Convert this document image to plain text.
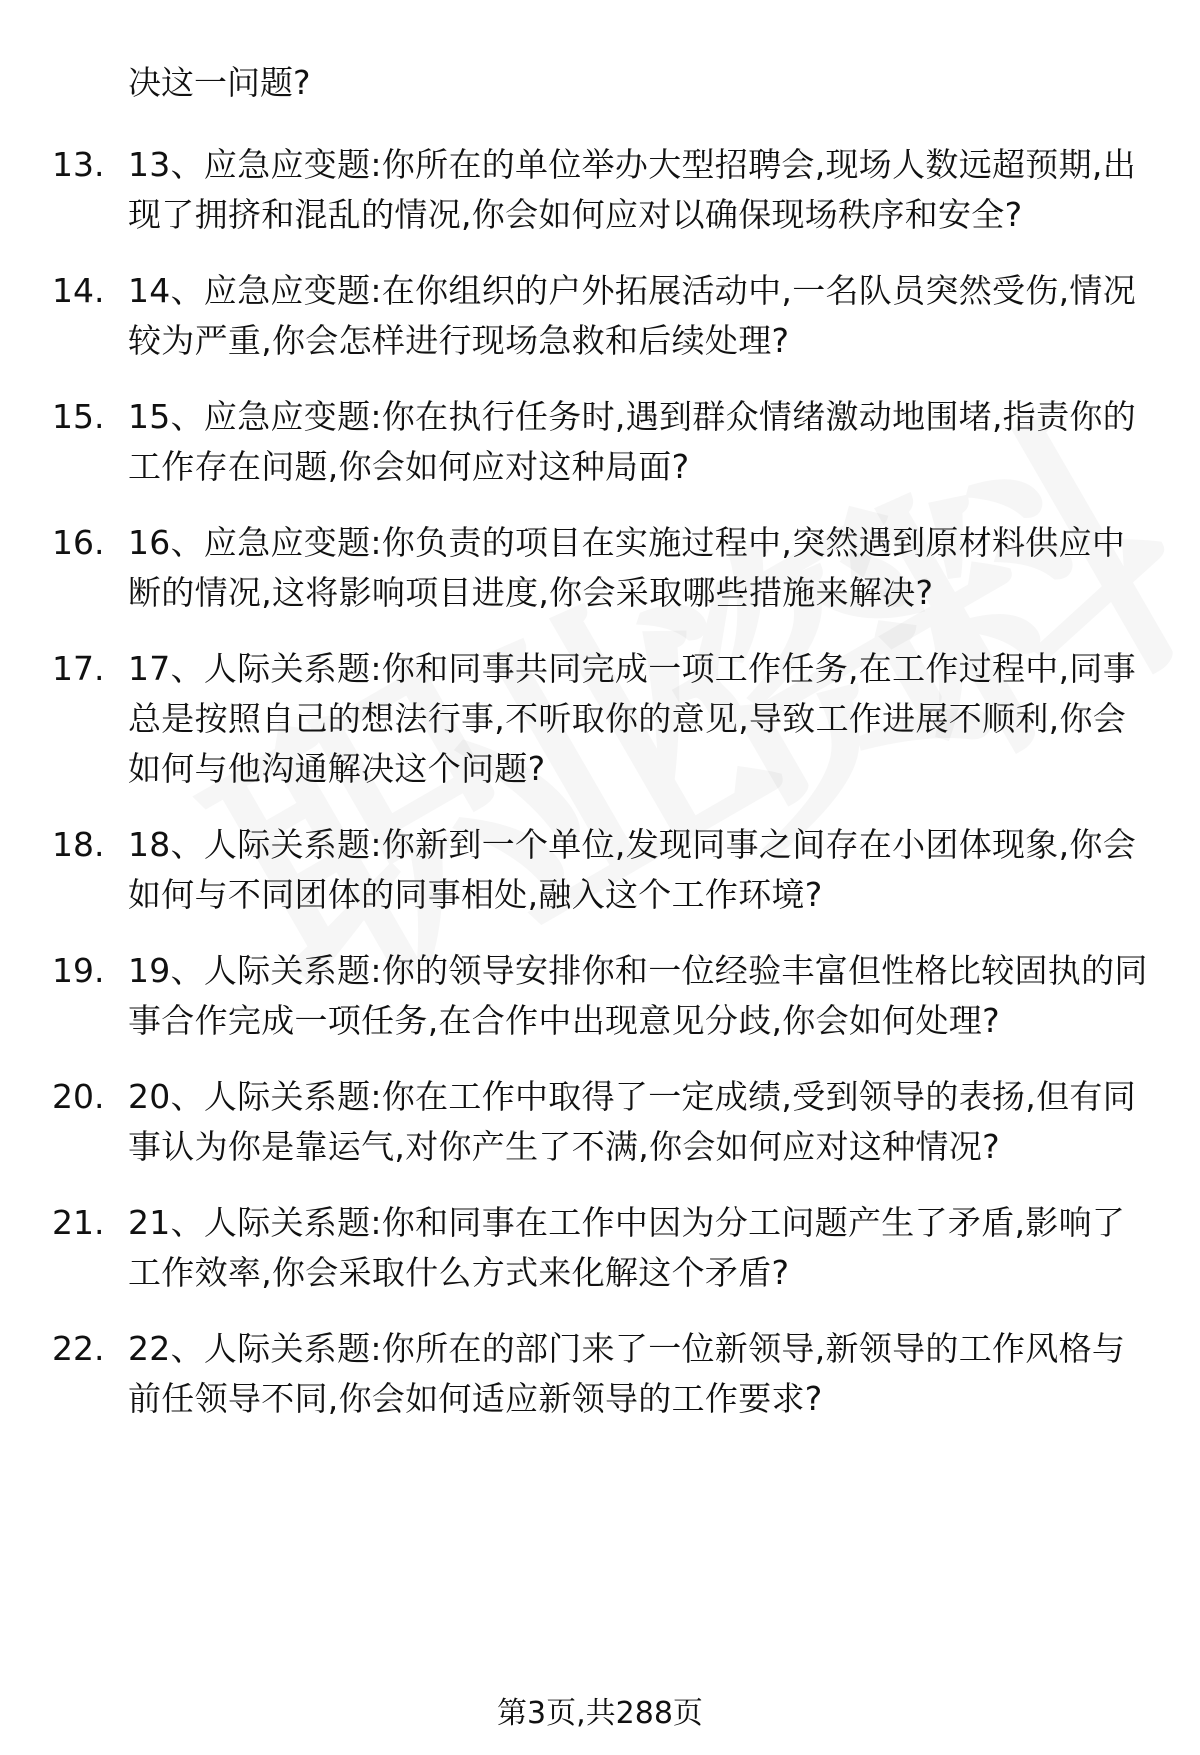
决这一问题?

13. 13、应急应变题:你所在的单位举办大型招聘会,现场人数远超预期,出现了拥挤和混乱的情况,你会如何应对以确保现场秩序和安全?
14. 14、应急应变题:在你组织的户外拓展活动中,一名队员突然受伤,情况较为严重,你会怎样进行现场急救和后续处理?
15. 15、应急应变题:你在执行任务时,遇到群众情绪激动地围堵,指责你的工作存在问题,你会如何应对这种局面?
16. 16、应急应变题:你负责的项目在实施过程中,突然遇到原材料供应中断的情况,这将影响项目进度,你会采取哪些措施来解决?
17. 17、人际关系题:你和同事共同完成一项工作任务,在工作过程中,同事总是按照自己的想法行事,不听取你的意见,导致工作进展不顺利,你会如何与他沟通解决这个问题?
18. 18、人际关系题:你新到一个单位,发现同事之间存在小团体现象,你会如何与不同团体的同事相处,融入这个工作环境?
19. 19、人际关系题:你的领导安排你和一位经验丰富但性格比较固执的同事合作完成一项任务,在合作中出现意见分歧,你会如何处理?
20. 20、人际关系题:你在工作中取得了一定成绩,受到领导的表扬,但有同事认为你是靠运气,对你产生了不满,你会如何应对这种情况?
21. 21、人际关系题:你和同事在工作中因为分工问题产生了矛盾,影响了工作效率,你会采取什么方式来化解这个矛盾?
22. 22、人际关系题:你所在的部门来了一位新领导,新领导的工作风格与前任领导不同,你会如何适应新领导的工作要求?
第3页,共288页
